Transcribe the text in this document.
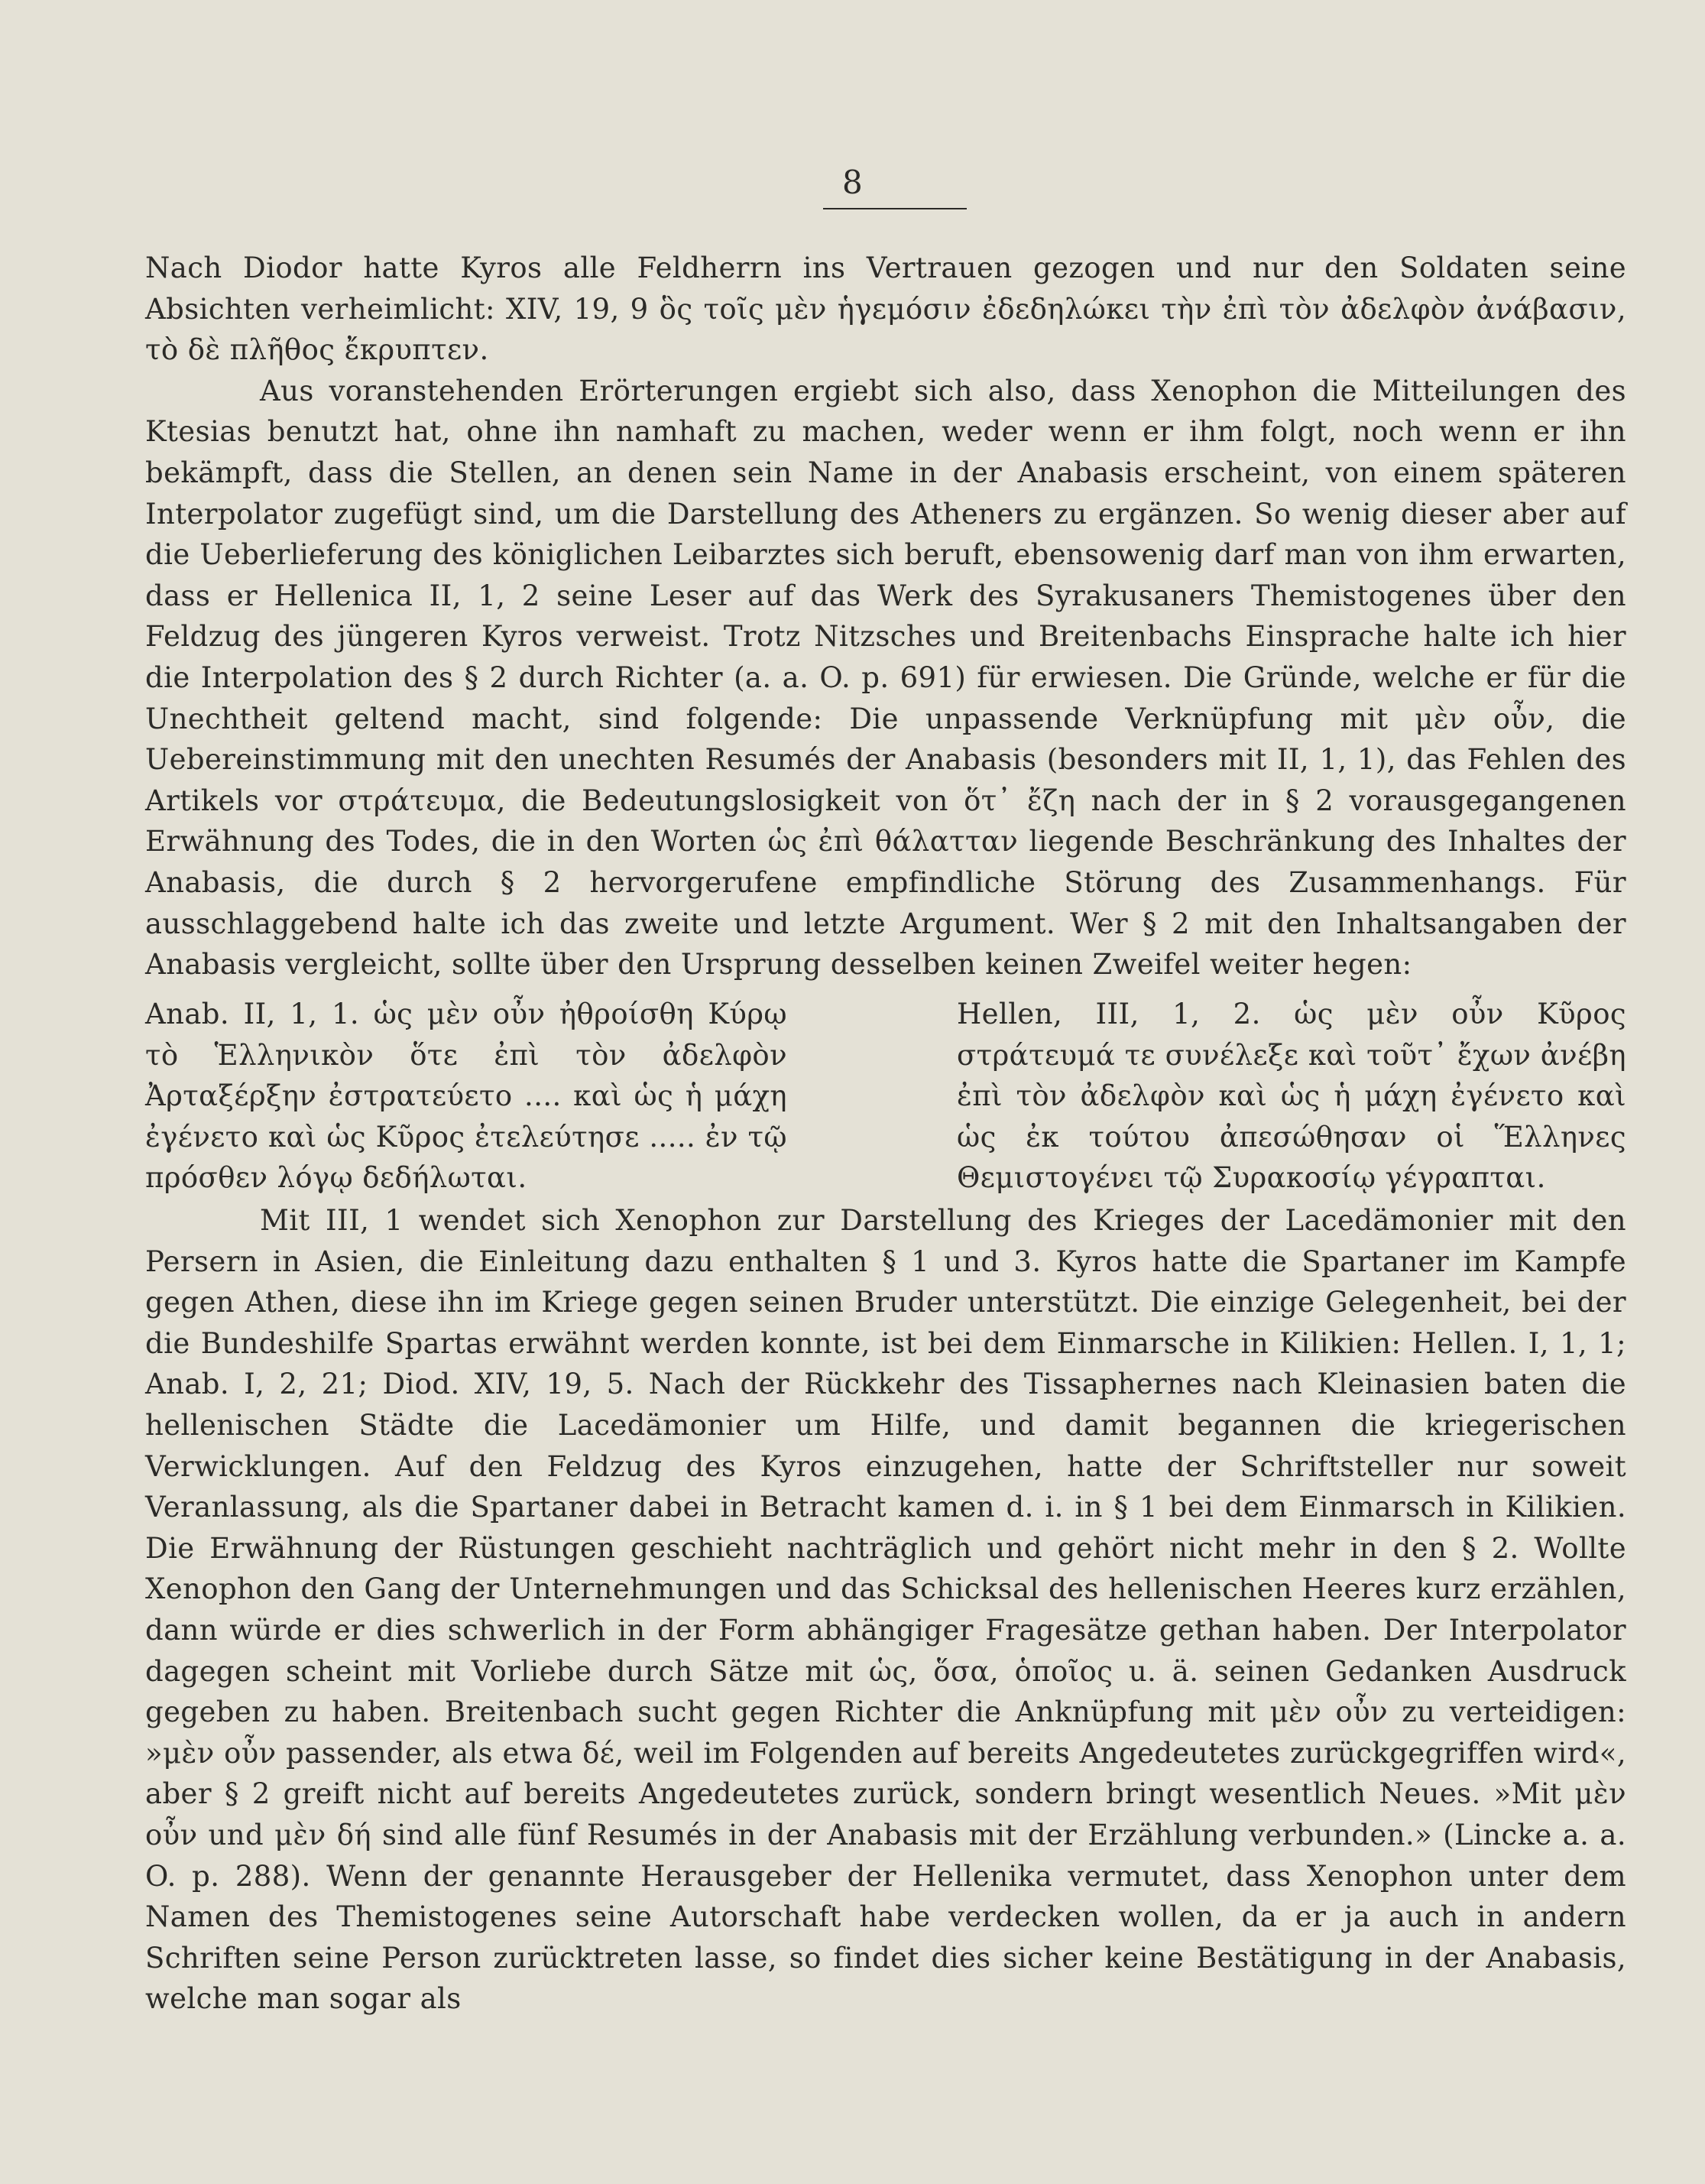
8

Nach Diodor hatte Kyros alle Feldherrn ins Vertrauen gezogen und nur den Soldaten seine Absichten verheimlicht: XIV, 19, 9 ὃς τοῖς μὲν ἡγεμόσιν ἐδεδηλώκει τὴν ἐπὶ τὸν ἀδελφὸν ἀνάβασιν, τὸ δὲ πλῆθος ἔκρυπτεν.

Aus voranstehenden Erörterungen ergiebt sich also, dass Xenophon die Mitteilungen des Ktesias benutzt hat, ohne ihn namhaft zu machen, weder wenn er ihm folgt, noch wenn er ihn bekämpft, dass die Stellen, an denen sein Name in der Anabasis erscheint, von einem späteren Interpolator zugefügt sind, um die Darstellung des Atheners zu ergänzen. So wenig dieser aber auf die Ueberlieferung des königlichen Leibarztes sich beruft, ebensowenig darf man von ihm erwarten, dass er Hellenica II, 1, 2 seine Leser auf das Werk des Syrakusaners Themistogenes über den Feldzug des jüngeren Kyros verweist. Trotz Nitzsches und Breitenbachs Einsprache halte ich hier die Interpolation des § 2 durch Richter (a. a. O. p. 691) für erwiesen. Die Gründe, welche er für die Unechtheit geltend macht, sind folgende: Die unpassende Verknüpfung mit μὲν οὖν, die Uebereinstimmung mit den unechten Resumés der Anabasis (besonders mit II, 1, 1), das Fehlen des Artikels vor στράτευμα, die Bedeutungslosigkeit von ὅτ᾽ ἔζη nach der in § 2 vorausgegangenen Erwähnung des Todes, die in den Worten ὡς ἐπὶ θάλατταν liegende Beschränkung des Inhaltes der Anabasis, die durch § 2 hervorgerufene empfindliche Störung des Zusammenhangs. Für ausschlaggebend halte ich das zweite und letzte Argument. Wer § 2 mit den Inhaltsangaben der Anabasis vergleicht, sollte über den Ursprung desselben keinen Zweifel weiter hegen:

Anab. II, 1, 1. ὡς μὲν οὖν ἠθροίσθη Κύρῳ τὸ Ἑλληνικὸν ὅτε ἐπὶ τὸν ἀδελφὸν Ἀρταξέρξην ἐστρατεύετο .... καὶ ὡς ἡ μάχη ἐγένετο καὶ ὡς Κῦρος ἐτελεύτησε ..... ἐν τῷ πρόσθεν λόγῳ δεδήλωται.

Hellen, III, 1, 2. ὡς μὲν οὖν Κῦρος στράτευμά τε συνέλεξε καὶ τοῦτ᾽ ἔχων ἀνέβη ἐπὶ τὸν ἀδελφὸν καὶ ὡς ἡ μάχη ἐγένετο καὶ ὡς ἐκ τούτου ἀπεσώθησαν οἱ Ἕλληνες Θεμιστογένει τῷ Συρακοσίῳ γέγραπται.

Mit III, 1 wendet sich Xenophon zur Darstellung des Krieges der Lacedämonier mit den Persern in Asien, die Einleitung dazu enthalten § 1 und 3. Kyros hatte die Spartaner im Kampfe gegen Athen, diese ihn im Kriege gegen seinen Bruder unterstützt. Die einzige Gelegenheit, bei der die Bundeshilfe Spartas erwähnt werden konnte, ist bei dem Einmarsche in Kilikien: Hellen. I, 1, 1; Anab. I, 2, 21; Diod. XIV, 19, 5. Nach der Rückkehr des Tissaphernes nach Kleinasien baten die hellenischen Städte die Lacedämonier um Hilfe, und damit begannen die kriegerischen Verwicklungen. Auf den Feldzug des Kyros einzugehen, hatte der Schriftsteller nur soweit Veranlassung, als die Spartaner dabei in Betracht kamen d. i. in § 1 bei dem Einmarsch in Kilikien. Die Erwähnung der Rüstungen geschieht nachträglich und gehört nicht mehr in den § 2. Wollte Xenophon den Gang der Unternehmungen und das Schicksal des hellenischen Heeres kurz erzählen, dann würde er dies schwerlich in der Form abhängiger Fragesätze gethan haben. Der Interpolator dagegen scheint mit Vorliebe durch Sätze mit ὡς, ὅσα, ὁποῖος u. ä. seinen Gedanken Ausdruck gegeben zu haben. Breitenbach sucht gegen Richter die Anknüpfung mit μὲν οὖν zu verteidigen: »μὲν οὖν passender, als etwa δέ, weil im Folgenden auf bereits Angedeutetes zurückgegriffen wird«, aber § 2 greift nicht auf bereits Angedeutetes zurück, sondern bringt wesentlich Neues. »Mit μὲν οὖν und μὲν δή sind alle fünf Resumés in der Anabasis mit der Erzählung verbunden.» (Lincke a. a. O. p. 288). Wenn der genannte Herausgeber der Hellenika vermutet, dass Xenophon unter dem Namen des Themistogenes seine Autorschaft habe verdecken wollen, da er ja auch in andern Schriften seine Person zurücktreten lasse, so findet dies sicher keine Bestätigung in der Anabasis, welche man sogar als
